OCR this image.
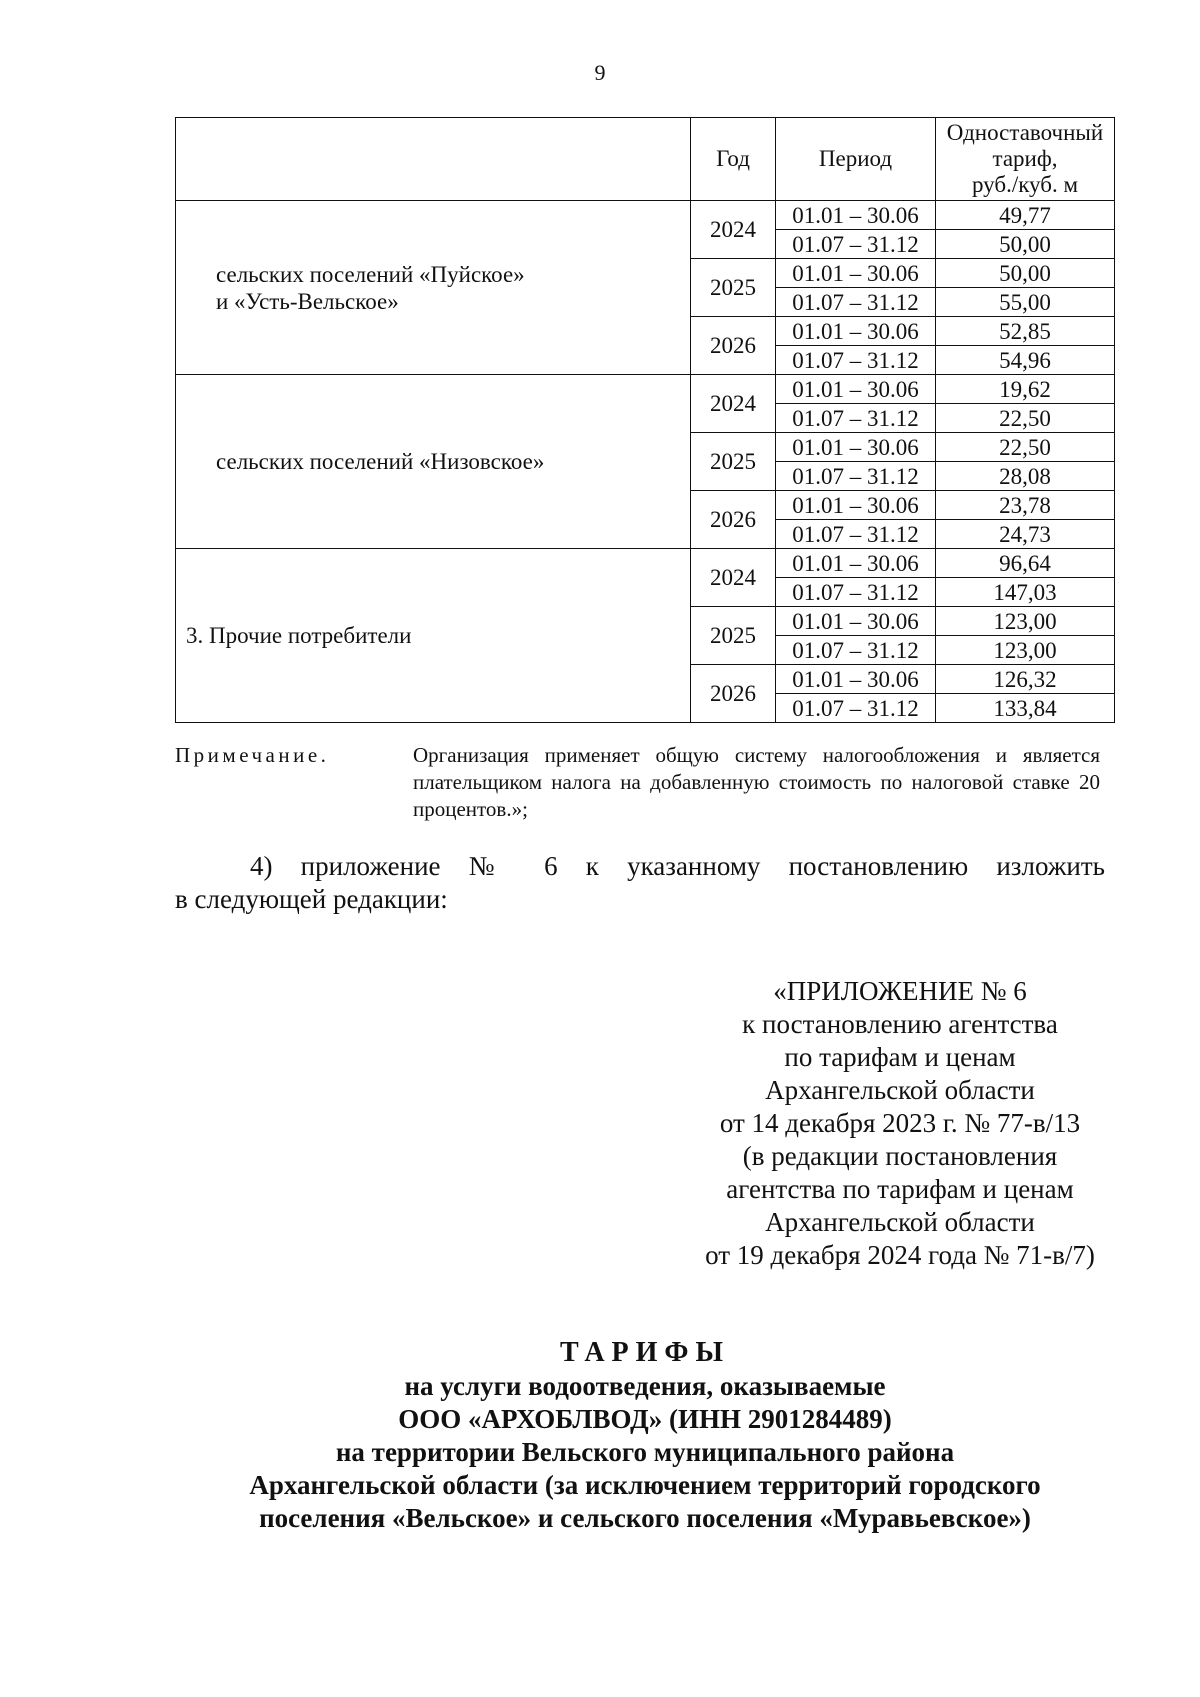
9
	Год	Период	Одноставочный
тариф,
руб./куб. м

сельских поселений «Пуйское»
и «Усть-Вельское»	2024	01.01 – 30.06	49,77
		01.07 – 31.12	50,00
	2025	01.01 – 30.06	50,00
		01.07 – 31.12	55,00
	2026	01.01 – 30.06	52,85
		01.07 – 31.12	54,96

сельских поселений «Низовское»	2024	01.01 – 30.06	19,62
		01.07 – 31.12	22,50
	2025	01.01 – 30.06	22,50
		01.07 – 31.12	28,08
	2026	01.01 – 30.06	23,78
		01.07 – 31.12	24,73
3. Прочие потребители	2024	01.01 – 30.06	96,64
		01.07 – 31.12	147,03
	2025	01.01 – 30.06	123,00
		01.07 – 31.12	123,00
	2026	01.01 – 30.06	126,32
		01.07 – 31.12	133,84
Примечание.	Организация применяет общую систему налогообложения и является плательщиком налога на добавленную стоимость по налоговой ставке 20 процентов.»;
4) приложение № 6 к указанному постановлению изложить
в следующей редакции:
«ПРИЛОЖЕНИЕ № 6
к постановлению агентства
по тарифам и ценам
Архангельской области
от 14 декабря 2023 г. № 77-в/13
(в редакции постановления
агентства по тарифам и ценам
Архангельской области
от 19 декабря 2024 года № 71-в/7)
ТАРИФЫ
на услуги водоотведения, оказываемые
ООО «АРХОБЛВОД» (ИНН 2901284489)
на территории Вельского муниципального района
Архангельской области (за исключением территорий городского
поселения «Вельское» и сельского поселения «Муравьевское»)
